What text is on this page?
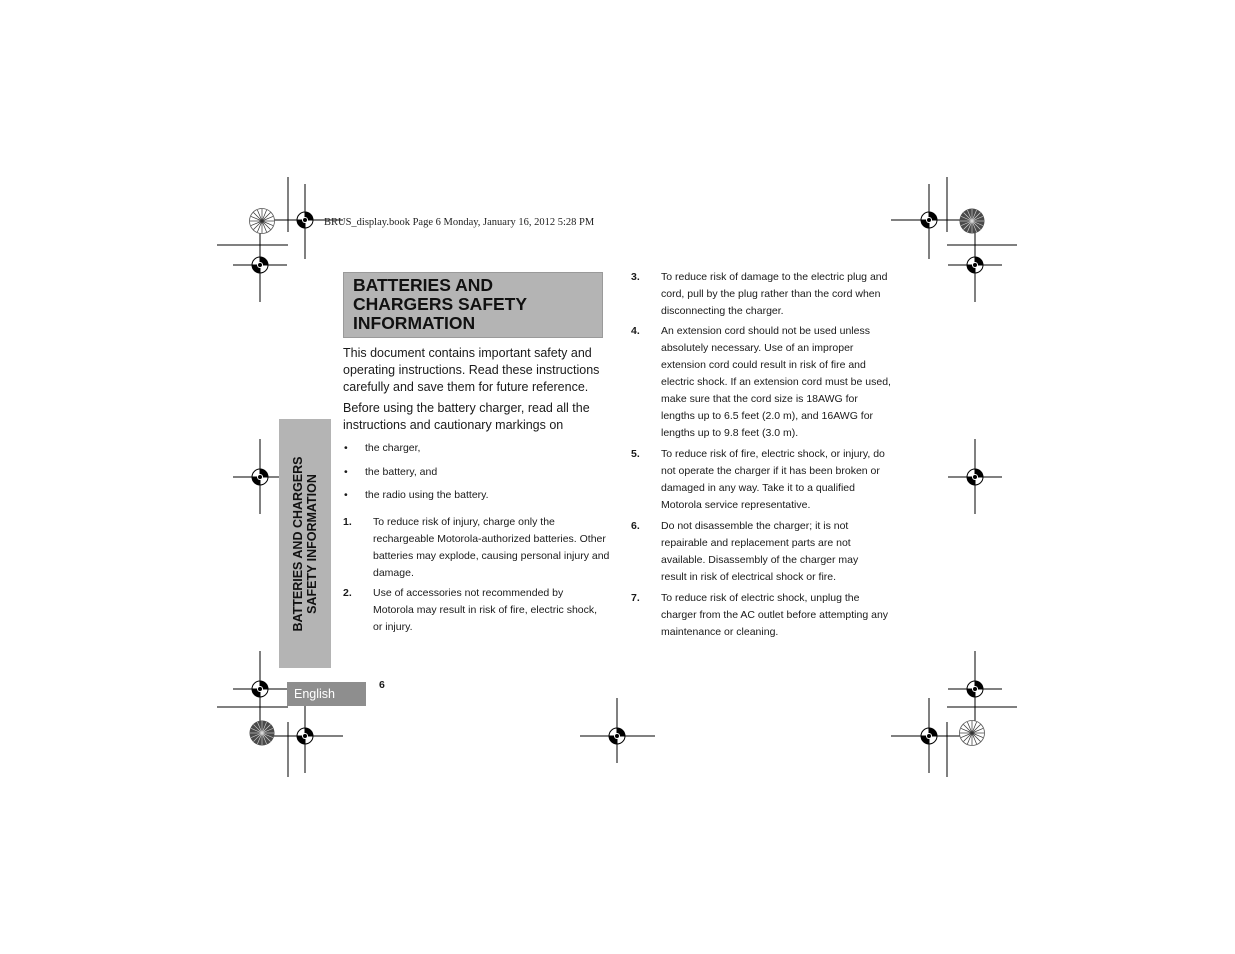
BRUS_display.book Page 6 Monday, January 16, 2012 5:28 PM
BATTERIES AND CHARGERS SAFETY INFORMATION
BATTERIES AND CHARGERS SAFETY INFORMATION

This document contains important safety and operating instructions. Read these instructions carefully and save them for future reference.

Before using the battery charger, read all the instructions and cautionary markings on

• the charger,
• the battery, and
• the radio using the battery.
1.	To reduce risk of injury, charge only the rechargeable Motorola-authorized batteries. Other batteries may explode, causing personal injury and damage.
2.	Use of accessories not recommended by Motorola may result in risk of fire, electric shock, or injury.
3.	To reduce risk of damage to the electric plug and cord, pull by the plug rather than the cord when disconnecting the charger.
4.	An extension cord should not be used unless absolutely necessary. Use of an improper extension cord could result in risk of fire and electric shock. If an extension cord must be used, make sure that the cord size is 18AWG for lengths up to 6.5 feet (2.0 m), and 16AWG for lengths up to 9.8 feet (3.0 m).
5.	To reduce risk of fire, electric shock, or injury, do not operate the charger if it has been broken or damaged in any way. Take it to a qualified Motorola service representative.
6.	Do not disassemble the charger; it is not repairable and replacement parts are not available. Disassembly of the charger may result in risk of electrical shock or fire.
7.	To reduce risk of electric shock, unplug the charger from the AC outlet before attempting any maintenance or cleaning.
English
6
